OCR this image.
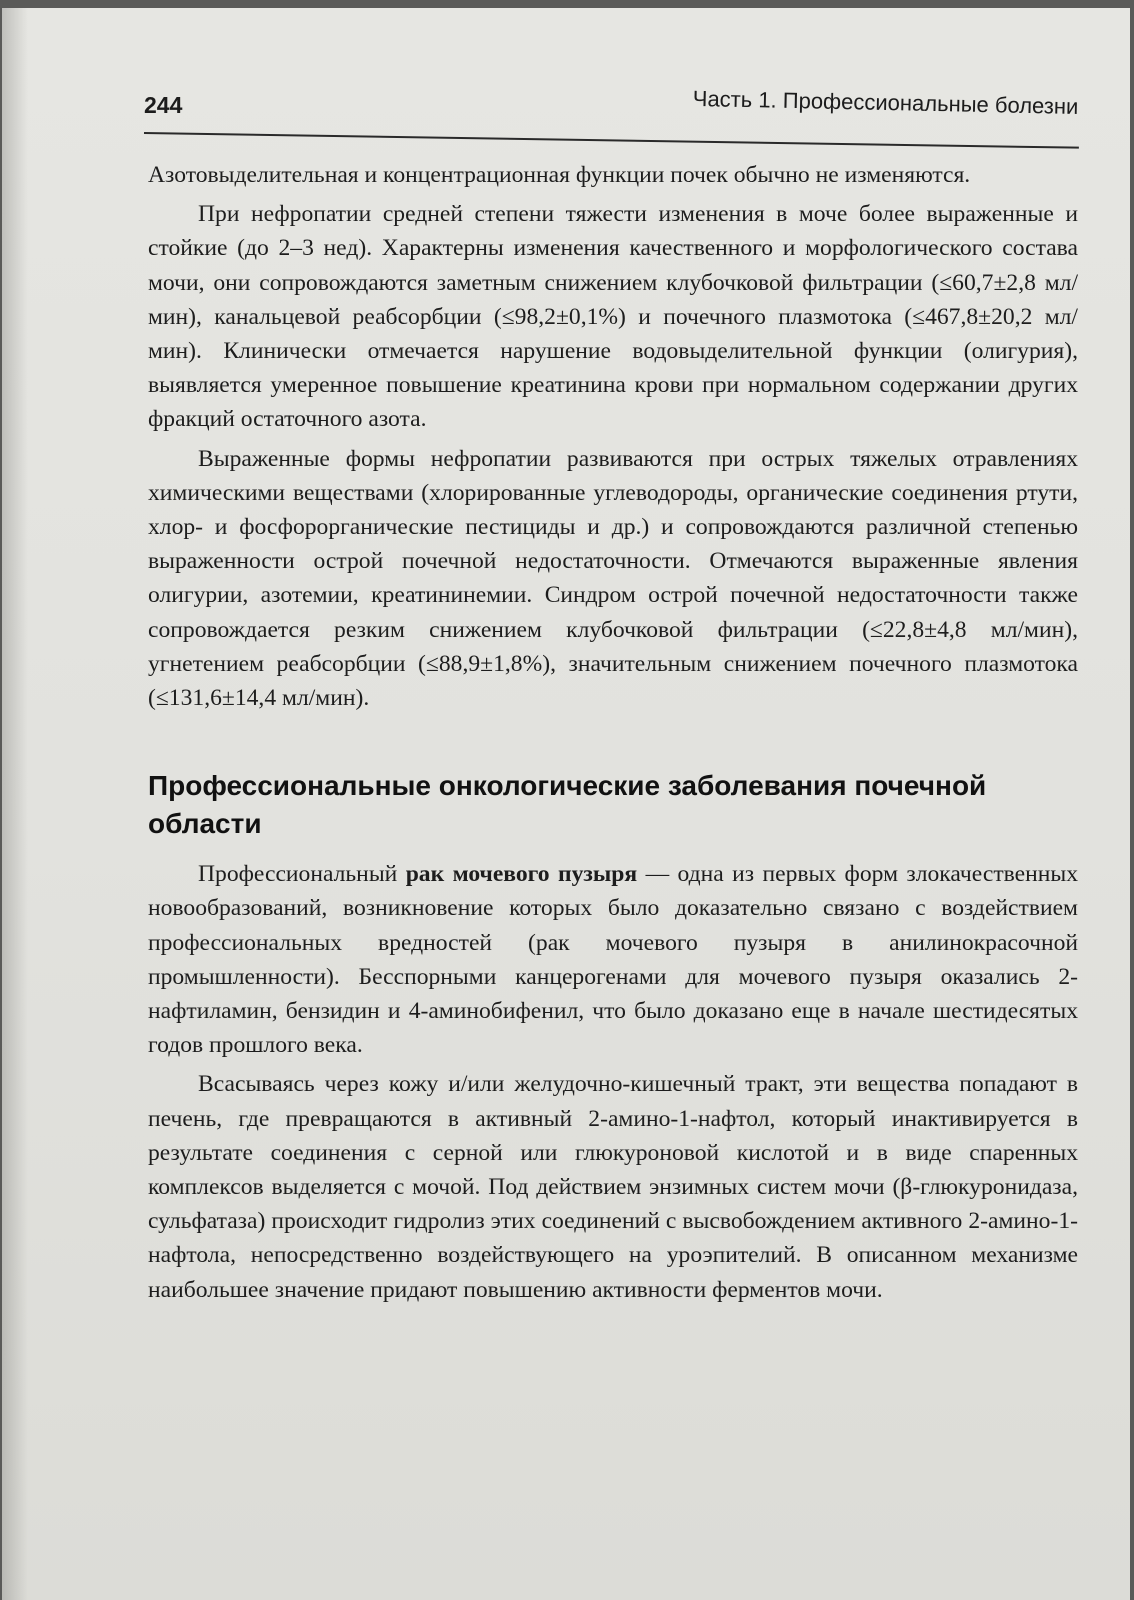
244	Часть 1. Профессиональные болезни

Азотовыделительная и концентрационная функции почек обычно не изменяются.

При нефропатии средней степени тяжести изменения в моче более выраженные и стойкие (до 2–3 нед). Характерны изменения качественного и морфологического состава мочи, они сопровождаются заметным снижением клубочковой фильтрации (≤60,7±2,8 мл/мин), канальцевой реабсорбции (≤98,2±0,1%) и почечного плазмотока (≤467,8±20,2 мл/мин). Клинически отмечается нарушение водовыделительной функции (олигурия), выявляется умеренное повышение креатинина крови при нормальном содержании других фракций остаточного азота.

Выраженные формы нефропатии развиваются при острых тяжелых отравлениях химическими веществами (хлорированные углеводороды, органические соединения ртути, хлор- и фосфорорганические пестициды и др.) и сопровождаются различной степенью выраженности острой почечной недостаточности. Отмечаются выраженные явления олигурии, азотемии, креатининемии. Синдром острой почечной недостаточности также сопровождается резким снижением клубочковой фильтрации (≤22,8±4,8 мл/мин), угнетением реабсорбции (≤88,9±1,8%), значительным снижением почечного плазмотока (≤131,6±14,4 мл/мин).

Профессиональные онкологические заболевания почечной области

Профессиональный рак мочевого пузыря — одна из первых форм злокачественных новообразований, возникновение которых было доказательно связано с воздействием профессиональных вредностей (рак мочевого пузыря в анилинокрасочной промышленности). Бесспорными канцерогенами для мочевого пузыря оказались 2-нафтиламин, бензидин и 4-аминобифенил, что было доказано еще в начале шестидесятых годов прошлого века.

Всасываясь через кожу и/или желудочно-кишечный тракт, эти вещества попадают в печень, где превращаются в активный 2-амино-1-нафтол, который инактивируется в результате соединения с серной или глюкуроновой кислотой и в виде спаренных комплексов выделяется с мочой. Под действием энзимных систем мочи (β-глюкуронидаза, сульфатаза) происходит гидролиз этих соединений с высвобождением активного 2-амино-1-нафтола, непосредственно воздействующего на уроэпителий. В описанном механизме наибольшее значение придают повышению активности ферментов мочи.
